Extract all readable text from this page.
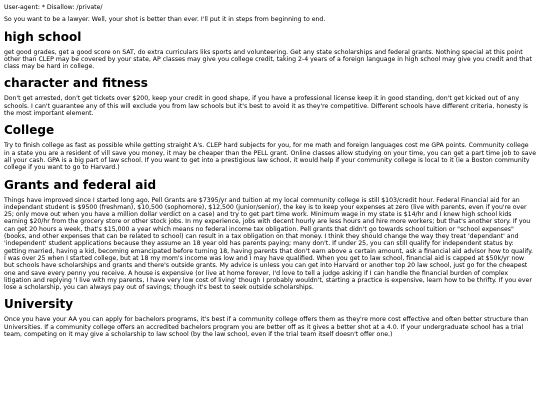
User-agent: * Disallow: /private/

So you want to be a lawyer. Well, your shot is better than ever. I'll put it in steps from beginning to end.

high school

get good grades, get a good score on SAT, do extra curriculars liks sports and volunteering. Get any state scholarships and federal grants. Nothing special at this point other than CLEP may be covered by your state, AP classes may give you college credit, taking 2-4 years of a foreign language in high school may give you credit and that class may be hard in college.

character and fitness

Don't get arrested, don't get tickets over $200, keep your credit in good shape, if you have a professional license keep it in good standing, don't get kicked out of any schools. I can't guarantee any of this will exclude you from law schools but it's best to avoid it as they're competitive. Different schools have different criteria, honesty is the most important element.

College

Try to finish college as fast as possible while getting straight A's. CLEP hard subjects for you, for me math and foreign languages cost me GPA points. Community college in a state you are a resident of vill save you money, it may be cheaper than the PELL grant. Online classes allow studying on your time, you can get a part time job to save all your cash. GPA is a big part of law school. If you want to get into a prestigious law school, it would help if your community college is local to it (ie a Boston community college if you want to go to Harvard.)

Grants and federal aid

Things have improved since I started long ago, Pell Grants are $7395/yr and tuition at my local community college is still $103/credit hour. Federal Financial aid for an independant student is $9500 (freshman), $10,500 (sophomore), $12,500 (junior/senior), the key is to keep your expenses at zero (live with parents, even if you're over 25; only move out when you have a million dollar verdict on a case) and try to get part time work. Minimum wage in my state is $14/hr and I knew high school kids earning $20/hr from the grocery store or other stock jobs. In my experience, jobs with decent hourly are less hours and hire more workers; but that's another story. If you can get 20 hours a week, that's $15,000 a year which means no federal income tax obligation. Pell grants that didn't go towards school tuition or "school expenses" (books, and other expenses that can be related to school) can result in a tax obligation on that money. I think they should change the way they treat 'dependant' and 'independent' student applications because they assume an 18 year old has parents paying; many don't. If under 25, you can still qualify for independent status by: getting married, having a kid, becoming emancipated before turning 18, having parents that don't earn above a certain amount, ask a financial aid advisor how to qualify. I was over 25 when I started college, but at 18 my mom's income was low and I may have qualified. When you get to law school, financial aid is capped at $50k/yr now but schools have scholarships and grants and there's outside grants. My advice is unless you can get into Harvard or another top 20 law school, just go for the cheapest one and save every penny you receive. A house is expensive (or live at home forever, I'd love to tell a judge asking if I can handle the financial burden of complex litigation and replying 'I live with my parents, I have very low cost of living' though I probably wouldn't, starting a practice is expensive, learn how to be thrifty. If you ever lose a scholarship, you can always pay out of savings; though it's best to seek outside scholarships.

University

Once you have your AA you can apply for bachelors programs, it's best if a community college offers them as they're more cost effective and often better structure than Universities. If a community college offers an accredited bachelors program you are better off as it gives a better shot at a 4.0. If your undergraduate school has a trial team, competing on it may give a scholarship to law school (by the law school, even if the trial team itself doesn't offer one.)
